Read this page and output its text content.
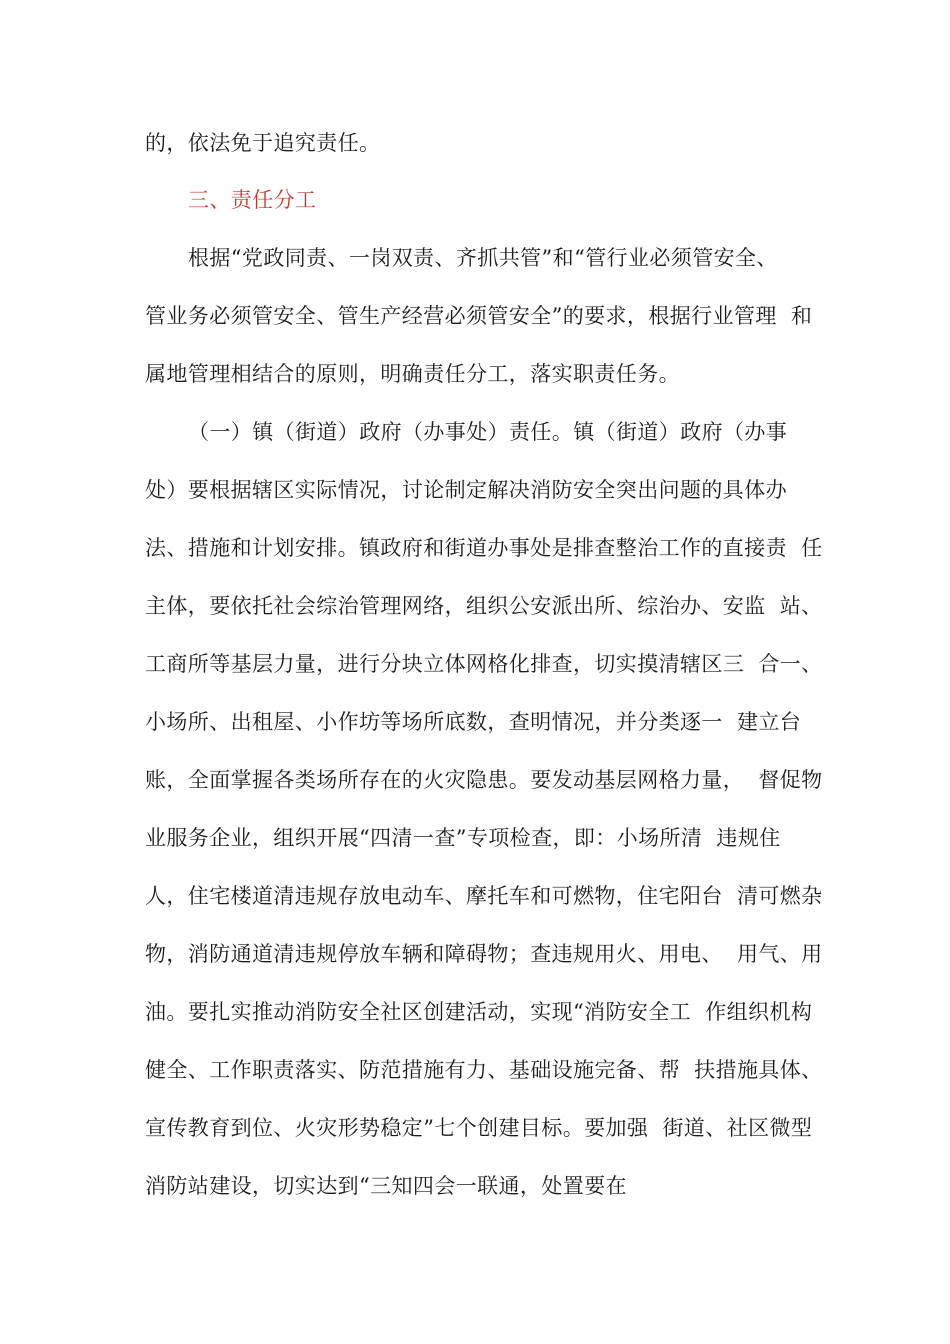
的，依法免于追究责任。
三、责任分工
根据“党政同责、一岗双责、齐抓共管”和“管行业必须管安全、
管业务必须管安全、管生产经营必须管安全”的要求，根据行业管理  和
属地管理相结合的原则，明确责任分工，落实职责任务。
（一）镇（街道）政府（办事处）责任。镇（街道）政府（办事
处）要根据辖区实际情况，讨论制定解决消防安全突出问题的具体办
法、措施和计划安排。镇政府和街道办事处是排查整治工作的直接责  任
主体，要依托社会综治管理网络，组织公安派出所、综治办、安监  站、
工商所等基层力量，进行分块立体网格化排查，切实摸清辖区三  合一、
小场所、出租屋、小作坊等场所底数，查明情况，并分类逐一  建立台
账，全面掌握各类场所存在的火灾隐患。要发动基层网格力量，  督促物
业服务企业，组织开展“四清一查”专项检查，即：小场所清  违规住
人，住宅楼道清违规存放电动车、摩托车和可燃物，住宅阳台  清可燃杂
物，消防通道清违规停放车辆和障碍物；查违规用火、用电、  用气、用
油。要扎实推动消防安全社区创建活动，实现“消防安全工  作组织机构
健全、工作职责落实、防范措施有力、基础设施完备、帮  扶措施具体、
宣传教育到位、火灾形势稳定”七个创建目标。要加强  街道、社区微型
消防站建设，切实达到“三知四会一联通，处置要在
